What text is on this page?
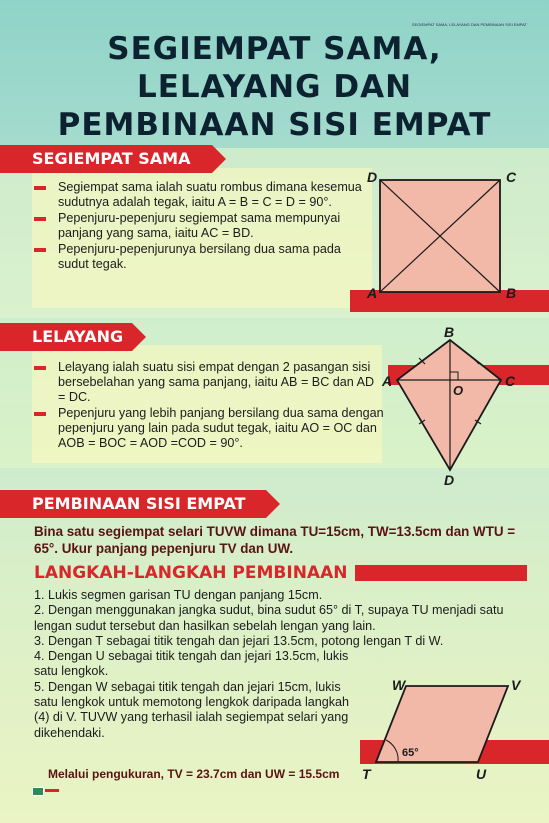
SEGIEMPAT SAMA, LELAYANG DAN PEMBINAAN SISI EMPAT
SEGIEMPAT SAMA,
LELAYANG DAN
PEMBINAAN SISI EMPAT
SEGIEMPAT SAMA
Segiempat sama ialah suatu rombus dimana kesemua sudutnya adalah tegak, iaitu A = B = C = D = 90°.
Pepenjuru-pepenjuru segiempat sama mempunyai panjang yang sama, iaitu AC = BD.
Pepenjuru-pepenjurunya bersilang dua sama pada sudut tegak.
D	C
A	B
LELAYANG
Lelayang ialah suatu sisi empat dengan 2 pasangan sisi bersebelahan yang sama panjang, iaitu AB = BC dan AD = DC.
Pepenjuru yang lebih panjang bersilang dua sama dengan pepenjuru yang lain pada sudut tegak, iaitu AO = OC dan AOB = BOC = AOD =COD = 90°.
B
A	C
O
D
PEMBINAAN SISI EMPAT
Bina satu segiempat selari TUVW dimana TU=15cm, TW=13.5cm dan WTU = 65°. Ukur panjang pepenjuru TV dan UW.
LANGKAH-LANGKAH PEMBINAAN
1. Lukis segmen garisan TU dengan panjang 15cm.
2. Dengan menggunakan jangka sudut, bina sudut 65° di T, supaya TU menjadi satu lengan sudut tersebut dan hasilkan sebelah lengan yang lain.
3. Dengan T sebagai titik tengah dan jejari 13.5cm, potong lengan T di W.
4. Dengan U sebagai titik tengah dan jejari 13.5cm, lukis satu lengkok.
5. Dengan W sebagai titik tengah dan jejari 15cm, lukis satu lengkok untuk memotong lengkok daripada langkah (4) di V. TUVW yang terhasil ialah segiempat selari yang dikehendaki.
W	V
T	U
65°
Melalui pengukuran, TV = 23.7cm dan UW = 15.5cm
